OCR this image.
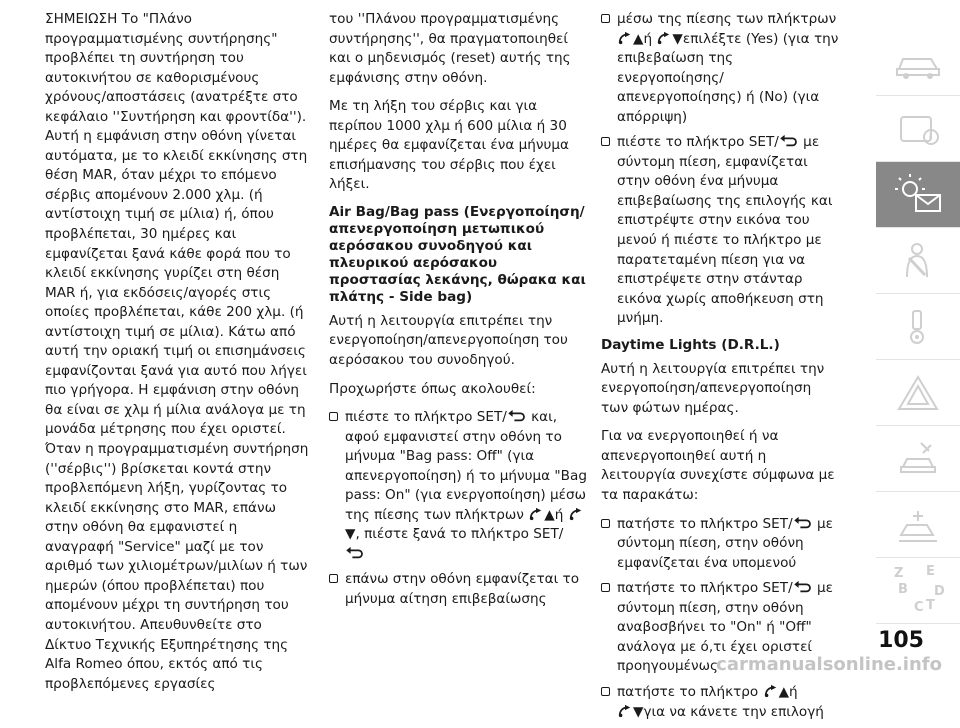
ΣΗΜΕΙΩΣΗ Το "Πλάνο προγραμματισμένης συντήρησης" προβλέπει τη συντήρηση του αυτοκινήτου σε καθορισμένους χρόνους/αποστάσεις (ανατρέξτε στο κεφάλαιο ''Συντήρηση και φροντίδα''). Αυτή η εμφάνιση στην οθόνη γίνεται αυτόματα, με το κλειδί εκκίνησης στη θέση MAR, όταν μέχρι το επόμενο σέρβις απομένουν 2.000 χλμ. (ή αντίστοιχη τιμή σε μίλια) ή, όπου προβλέπεται, 30 ημέρες και εμφανίζεται ξανά κάθε φορά που το κλειδί εκκίνησης γυρίζει στη θέση MAR ή, για εκδόσεις/αγορές στις οποίες προβλέπεται, κάθε 200 χλμ. (ή αντίστοιχη τιμή σε μίλια). Κάτω από αυτή την οριακή τιμή οι επισημάνσεις εμφανίζονται ξανά για αυτό που λήγει πιο γρήγορα. Η εμφάνιση στην οθόνη θα είναι σε χλμ ή μίλια ανάλογα με τη μονάδα μέτρησης που έχει οριστεί. Όταν η προγραμματισμένη συντήρηση (''σέρβις'') βρίσκεται κοντά στην προβλεπόμενη λήξη, γυρίζοντας το κλειδί εκκίνησης στο MAR, επάνω στην οθόνη θα εμφανιστεί η αναγραφή "Service" μαζί με τον αριθμό των χιλιομέτρων/μιλίων ή των ημερών (όπου προβλέπεται) που απομένουν μέχρι τη συντήρηση του αυτοκινήτου. Απευθυνθείτε στο Δίκτυο Τεχνικής Εξυπηρέτησης της Alfa Romeo όπου, εκτός από τις προβλεπόμενες εργασίες

του ''Πλάνου προγραμματισμένης συντήρησης'', θα πραγματοποιηθεί και ο μηδενισμός (reset) αυτής της εμφάνισης στην οθόνη.

Με τη λήξη του σέρβις και για περίπου 1000 χλμ ή 600 μίλια ή 30 ημέρες θα εμφανίζεται ένα μήνυμα επισήμανσης του σέρβις που έχει λήξει.

Air Bag/Bag pass (Ενεργοποίηση/απενεργοποίηση μετωπικού αερόσακου συνοδηγού και πλευρικού αερόσακου προστασίας λεκάνης, θώρακα και πλάτης - Side bag)

Αυτή η λειτουργία επιτρέπει την ενεργοποίηση/απενεργοποίηση του αερόσακου του συνοδηγού.

Προχωρήστε όπως ακολουθεί:

πιέστε το πλήκτρο SET/ και, αφού εμφανιστεί στην οθόνη το μήνυμα "Bag pass: Off" (για απενεργοποίηση) ή το μήνυμα "Bag pass: On" (για ενεργοποίηση) μέσω της πίεσης των πλήκτρων ▲ή ▼, πιέστε ξανά το πλήκτρο SET/

επάνω στην οθόνη εμφανίζεται το μήνυμα αίτηση επιβεβαίωσης
μέσω της πίεσης των πλήκτρων
▲ή ▼επιλέξτε (Yes) (για την επιβεβαίωση της ενεργοποίησης/απενεργοποίησης) ή (No) (για απόρριψη)
πιέστε το πλήκτρο SET/ με σύντομη πίεση, εμφανίζεται στην οθόνη ένα μήνυμα επιβεβαίωσης της επιλογής και επιστρέψτε στην εικόνα του μενού ή πιέστε το πλήκτρο με παρατεταμένη πίεση για να επιστρέψετε στην στάνταρ εικόνα χωρίς αποθήκευση στη μνήμη.
Daytime Lights (D.R.L.)

Αυτή η λειτουργία επιτρέπει την ενεργοποίηση/απενεργοποίηση των φώτων ημέρας.

Για να ενεργοποιηθεί ή να απενεργοποιηθεί αυτή η λειτουργία συνεχίστε σύμφωνα με τα παρακάτω:

πατήστε το πλήκτρο SET/ με σύντομη πίεση, στην οθόνη εμφανίζεται ένα υπομενού
πατήστε το πλήκτρο SET/ με σύντομη πίεση, στην οθόνη αναβοσβήνει το "On" ή "Off" ανάλογα με ό,τι έχει οριστεί προηγουμένως
πατήστε το πλήκτρο ▲ή
▼για να κάνετε την επιλογή
i
Z E
B
C T
D
105
carmanualsonline.info
